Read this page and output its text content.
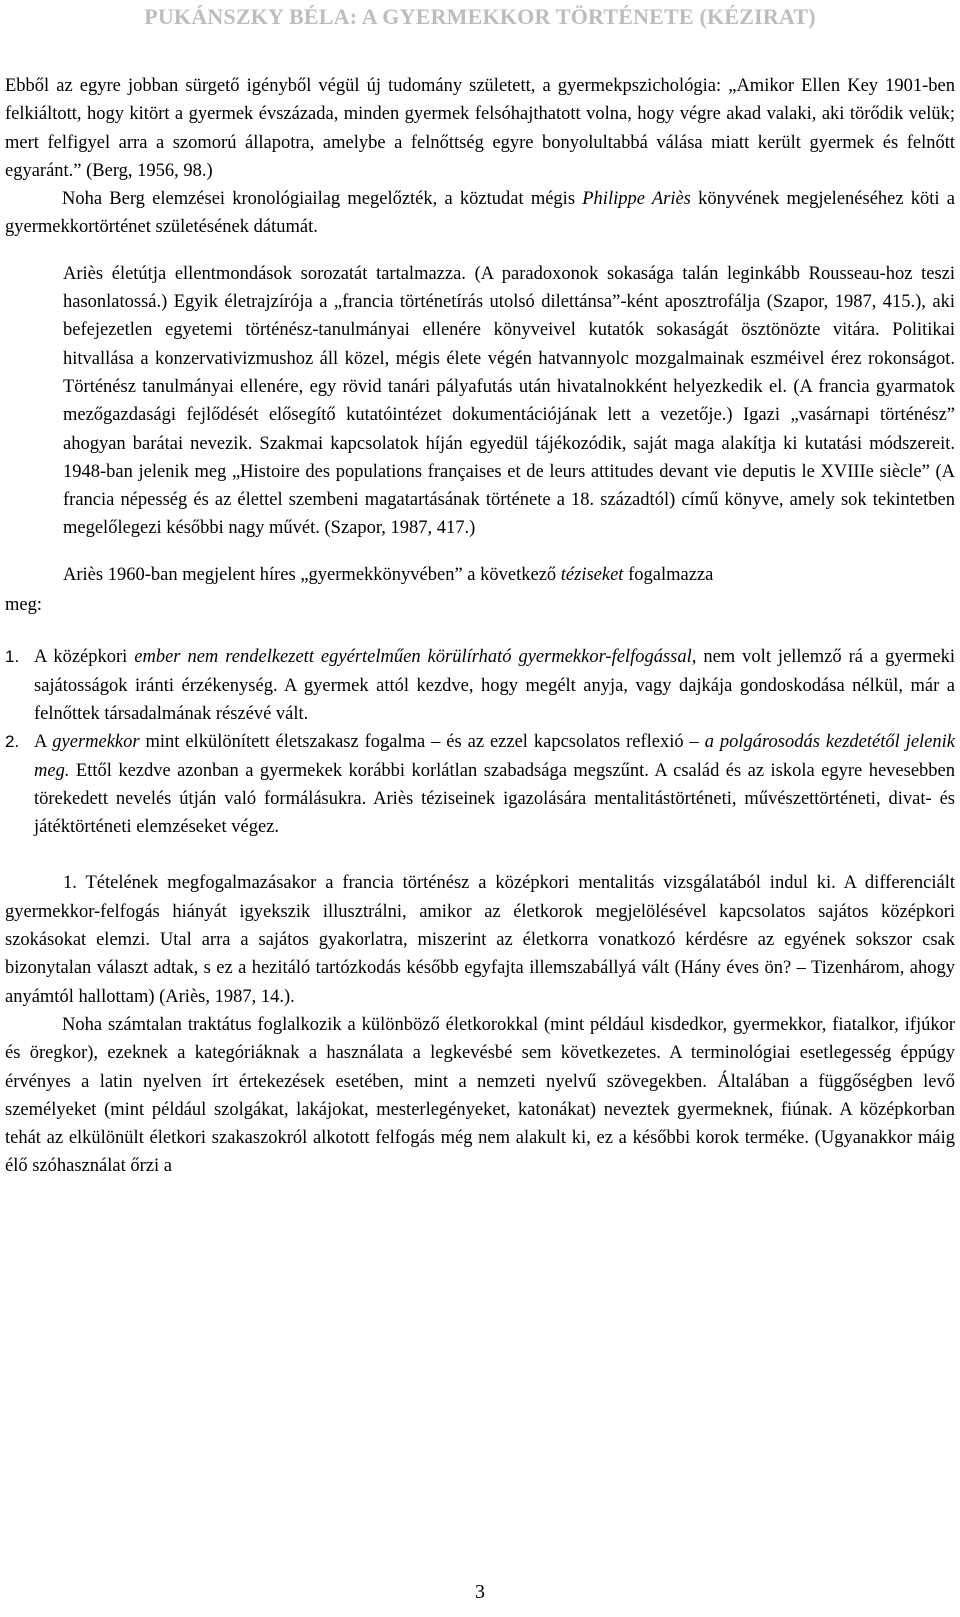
PUKÁNSZKY BÉLA: A GYERMEKKOR TÖRTÉNETE (KÉZIRAT)

Ebből az egyre jobban sürgető igényből végül új tudomány született, a gyermekpszichológia: „Amikor Ellen Key 1901-ben felkiáltott, hogy kitört a gyermek évszázada, minden gyermek felsóhajthatott volna, hogy végre akad valaki, aki törődik velük; mert felfigyel arra a szomorú állapotra, amelybe a felnőttség egyre bonyolultabbá válása miatt került gyermek és felnőtt egyaránt.” (Berg, 1956, 98.)

Noha Berg elemzései kronológiailag megelőzték, a köztudat mégis Philippe Ariès könyvének megjelenéséhez köti a gyermekkortörténet születésének dátumát.

Ariès életútja ellentmondások sorozatát tartalmazza. (A paradoxonok sokasága talán leginkább Rousseau-hoz teszi hasonlatossá.) Egyik életrajzírója a „francia történetírás utolsó dilettánsa”-ként aposztrofálja (Szapor, 1987, 415.), aki befejezetlen egyetemi történész-tanulmányai ellenére könyveivel kutatók sokaságát ösztönözte vitára. Politikai hitvallása a konzervativizmushoz áll közel, mégis élete végén hatvannyolc mozgalmainak eszméivel érez rokonságot. Történész tanulmányai ellenére, egy rövid tanári pályafutás után hivatalnokként helyezkedik el. (A francia gyarmatok mezőgazdasági fejlődését elősegítő kutatóintézet dokumentációjának lett a vezetője.) Igazi „vasárnapi történész” ahogyan barátai nevezik. Szakmai kapcsolatok híján egyedül tájékozódik, saját maga alakítja ki kutatási módszereit. 1948-ban jelenik meg „Histoire des populations françaises et de leurs attitudes devant vie deputis le XVIIIe siècle” (A francia népesség és az élettel szembeni magatartásának története a 18. századtól) című könyve, amely sok tekintetben megelőlegezi későbbi nagy művét. (Szapor, 1987, 417.)

Ariès 1960-ban megjelent híres „gyermekkönyvében” a következő téziseket fogalmazza

meg:

1. A középkori ember nem rendelkezett egyértelműen körülírható gyermekkor-felfogással, nem volt jellemző rá a gyermeki sajátosságok iránti érzékenység. A gyermek attól kezdve, hogy megélt anyja, vagy dajkája gondoskodása nélkül, már a felnőttek társadalmának részévé vált.
2. A gyermekkor mint elkülönített életszakasz fogalma – és az ezzel kapcsolatos reflexió – a polgárosodás kezdetétől jelenik meg. Ettől kezdve azonban a gyermekek korábbi korlátlan szabadsága megszűnt. A család és az iskola egyre hevesebben törekedett nevelés útján való formálásukra. Ariès téziseinek igazolására mentalitástörténeti, művészettörténeti, divat- és játéktörténeti elemzéseket végez.

1. Tételének megfogalmazásakor a francia történész a középkori mentalitás vizsgálatából indul ki. A differenciált gyermekkor-felfogás hiányát igyekszik illusztrálni, amikor az életkorok megjelölésével kapcsolatos sajátos középkori szokásokat elemzi. Utal arra a sajátos gyakorlatra, miszerint az életkorra vonatkozó kérdésre az egyének sokszor csak bizonytalan választ adtak, s ez a hezitáló tartózkodás később egyfajta illemszabállyá vált (Hány éves ön? – Tizenhárom, ahogy anyámtól hallottam) (Ariès, 1987, 14.).

Noha számtalan traktátus foglalkozik a különböző életkorokkal (mint például kisdedkor, gyermekkor, fiatalkor, ifjúkor és öregkor), ezeknek a kategóriáknak a használata a legkevésbé sem következetes. A terminológiai esetlegesség éppúgy érvényes a latin nyelven írt értekezések esetében, mint a nemzeti nyelvű szövegekben. Általában a függőségben levő személyeket (mint például szolgákat, lakájokat, mesterlegényeket, katonákat) neveztek gyermeknek, fiúnak. A középkorban tehát az elkülönült életkori szakaszokról alkotott felfogás még nem alakult ki, ez a későbbi korok terméke. (Ugyanakkor máig élő szóhasználat őrzi a

3
